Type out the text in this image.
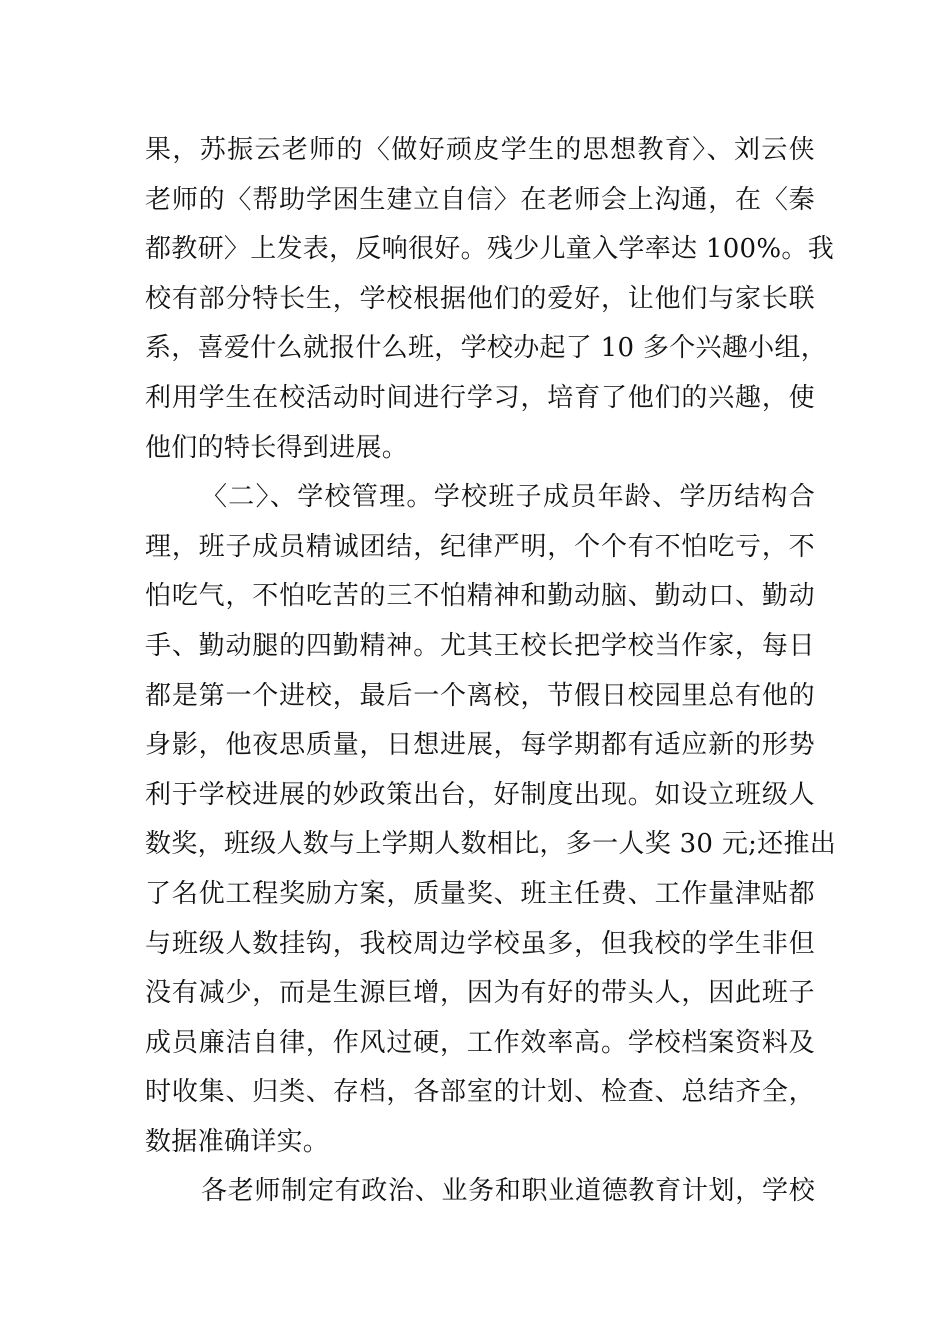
果，苏振云老师的〈做好顽皮学生的思想教育〉、刘云侠
老师的〈帮助学困生建立自信〉在老师会上沟通，在〈秦
都教研〉上发表，反响很好。残少儿童入学率达 100%。我
校有部分特长生，学校根据他们的爱好，让他们与家长联
系，喜爱什么就报什么班，学校办起了 10 多个兴趣小组，
利用学生在校活动时间进行学习，培育了他们的兴趣，使
他们的特长得到进展。
〈二〉、学校管理。学校班子成员年龄、学历结构合
理，班子成员精诚团结，纪律严明，个个有不怕吃亏，不
怕吃气，不怕吃苦的三不怕精神和勤动脑、勤动口、勤动
手、勤动腿的四勤精神。尤其王校长把学校当作家，每日
都是第一个进校，最后一个离校，节假日校园里总有他的
身影，他夜思质量，日想进展，每学期都有适应新的形势
利于学校进展的妙政策出台，好制度出现。如设立班级人
数奖，班级人数与上学期人数相比，多一人奖 30 元;还推出
了名优工程奖励方案，质量奖、班主任费、工作量津贴都
与班级人数挂钩，我校周边学校虽多，但我校的学生非但
没有减少，而是生源巨增，因为有好的带头人，因此班子
成员廉洁自律，作风过硬，工作效率高。学校档案资料及
时收集、归类、存档，各部室的计划、检查、总结齐全，
数据准确详实。
各老师制定有政治、业务和职业道德教育计划，学校
